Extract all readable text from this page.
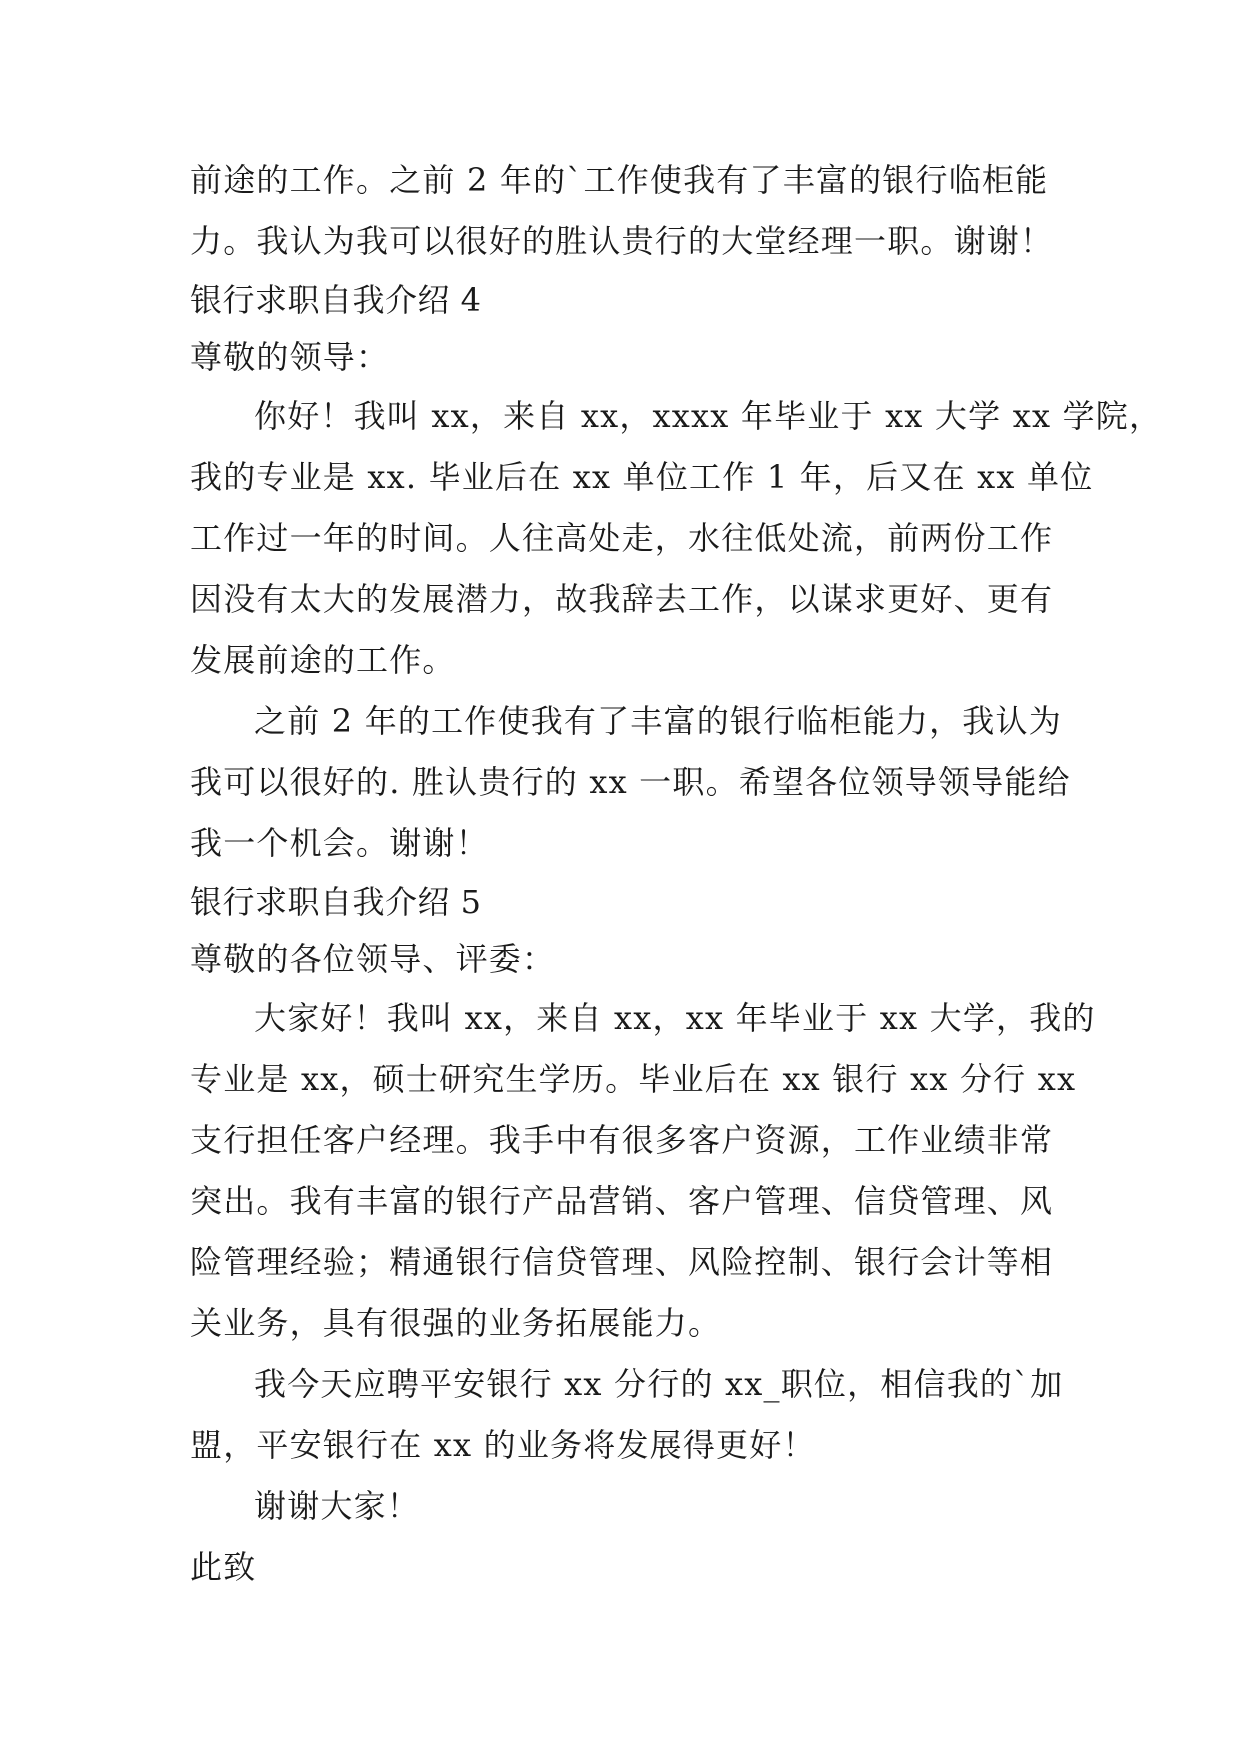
前途的工作。之前 2 年的`工作使我有了丰富的银行临柜能
力。我认为我可以很好的胜认贵行的大堂经理一职。谢谢！
银行求职自我介绍 4
尊敬的领导：
你好！我叫 xx，来自 xx，xxxx 年毕业于 xx 大学 xx 学院，
我的专业是 xx. 毕业后在 xx 单位工作 1 年，后又在 xx 单位
工作过一年的时间。人往高处走，水往低处流，前两份工作
因没有太大的发展潜力，故我辞去工作，以谋求更好、更有
发展前途的工作。
之前 2 年的工作使我有了丰富的银行临柜能力，我认为
我可以很好的. 胜认贵行的 xx 一职。希望各位领导领导能给
我一个机会。谢谢！
银行求职自我介绍 5
尊敬的各位领导、评委：
大家好！我叫 xx，来自 xx，xx 年毕业于 xx 大学，我的
专业是 xx，硕士研究生学历。毕业后在 xx 银行 xx 分行 xx
支行担任客户经理。我手中有很多客户资源，工作业绩非常
突出。我有丰富的银行产品营销、客户管理、信贷管理、风
险管理经验；精通银行信贷管理、风险控制、银行会计等相
关业务，具有很强的业务拓展能力。
我今天应聘平安银行 xx 分行的 xx_职位，相信我的`加
盟，平安银行在 xx 的业务将发展得更好！
谢谢大家！
此致
